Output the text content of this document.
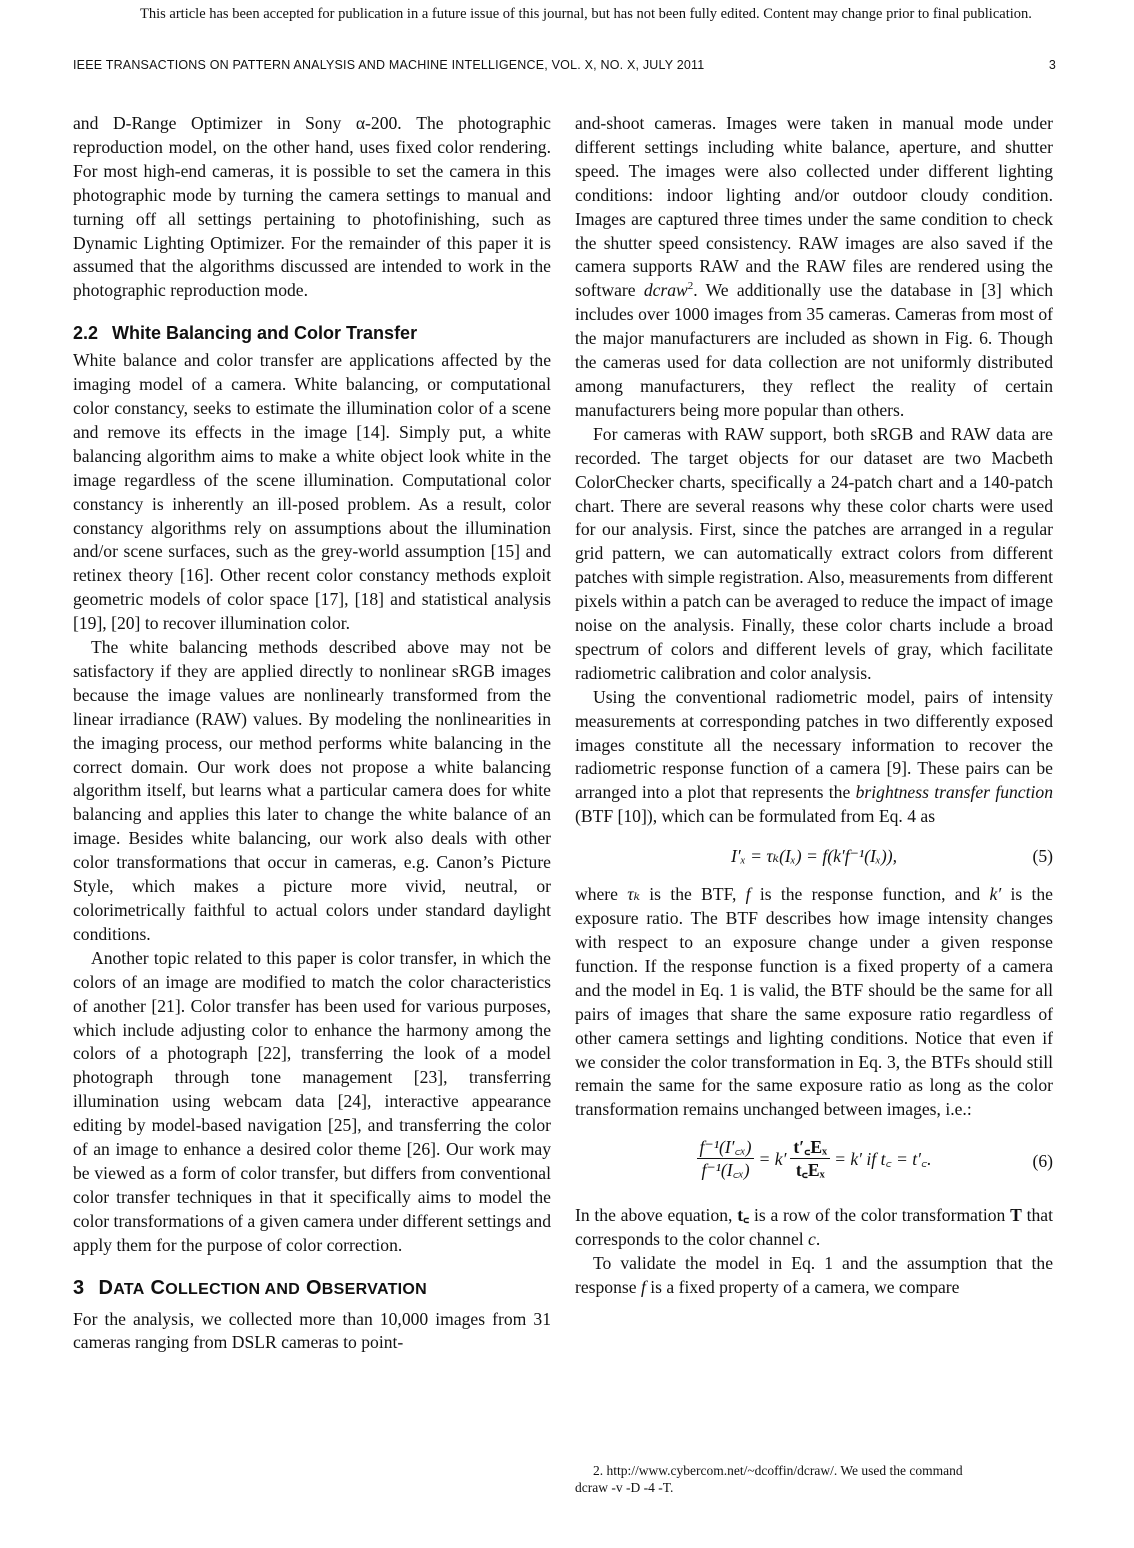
This article has been accepted for publication in a future issue of this journal, but has not been fully edited. Content may change prior to final publication.
IEEE TRANSACTIONS ON PATTERN ANALYSIS AND MACHINE INTELLIGENCE, VOL. X, NO. X, JULY 2011	3

and D-Range Optimizer in Sony α-200. The photographic reproduction model, on the other hand, uses fixed color rendering. For most high-end cameras, it is possible to set the camera in this photographic mode by turning the camera settings to manual and turning off all settings pertaining to photofinishing, such as Dynamic Lighting Optimizer. For the remainder of this paper it is assumed that the algorithms discussed are intended to work in the photographic reproduction mode.

2.2 White Balancing and Color Transfer

White balance and color transfer are applications affected by the imaging model of a camera. White balancing, or computational color constancy, seeks to estimate the illumination color of a scene and remove its effects in the image [14]. Simply put, a white balancing algorithm aims to make a white object look white in the image regardless of the scene illumination. Computational color constancy is inherently an ill-posed problem. As a result, color constancy algorithms rely on assumptions about the illumination and/or scene surfaces, such as the grey-world assumption [15] and retinex theory [16]. Other recent color constancy methods exploit geometric models of color space [17], [18] and statistical analysis [19], [20] to recover illumination color.

The white balancing methods described above may not be satisfactory if they are applied directly to nonlinear sRGB images because the image values are nonlinearly transformed from the linear irradiance (RAW) values. By modeling the nonlinearities in the imaging process, our method performs white balancing in the correct domain. Our work does not propose a white balancing algorithm itself, but learns what a particular camera does for white balancing and applies this later to change the white balance of an image. Besides white balancing, our work also deals with other color transformations that occur in cameras, e.g. Canon’s Picture Style, which makes a picture more vivid, neutral, or colorimetrically faithful to actual colors under standard daylight conditions.

Another topic related to this paper is color transfer, in which the colors of an image are modified to match the color characteristics of another [21]. Color transfer has been used for various purposes, which include adjusting color to enhance the harmony among the colors of a photograph [22], transferring the look of a model photograph through tone management [23], transferring illumination using webcam data [24], interactive appearance editing by model-based navigation [25], and transferring the color of an image to enhance a desired color theme [26]. Our work may be viewed as a form of color transfer, but differs from conventional color transfer techniques in that it specifically aims to model the color transformations of a given camera under different settings and apply them for the purpose of color correction.

3 DATA COLLECTION AND OBSERVATION

For the analysis, we collected more than 10,000 images from 31 cameras ranging from DSLR cameras to point-

and-shoot cameras. Images were taken in manual mode under different settings including white balance, aperture, and shutter speed. The images were also collected under different lighting conditions: indoor lighting and/or outdoor cloudy condition. Images are captured three times under the same condition to check the shutter speed consistency. RAW images are also saved if the camera supports RAW and the RAW files are rendered using the software dcraw$^2$. We additionally use the database in [3] which includes over 1000 images from 35 cameras. Cameras from most of the major manufacturers are included as shown in Fig. 6. Though the cameras used for data collection are not uniformly distributed among manufacturers, they reflect the reality of certain manufacturers being more popular than others.

For cameras with RAW support, both sRGB and RAW data are recorded. The target objects for our dataset are two Macbeth ColorChecker charts, specifically a 24-patch chart and a 140-patch chart. There are several reasons why these color charts were used for our analysis. First, since the patches are arranged in a regular grid pattern, we can automatically extract colors from different patches with simple registration. Also, measurements from different pixels within a patch can be averaged to reduce the impact of image noise on the analysis. Finally, these color charts include a broad spectrum of colors and different levels of gray, which facilitate radiometric calibration and color analysis.

Using the conventional radiometric model, pairs of intensity measurements at corresponding patches in two differently exposed images constitute all the necessary information to recover the radiometric response function of a camera [9]. These pairs can be arranged into a plot that represents the brightness transfer function (BTF [10]), which can be formulated from Eq. 4 as

I′ₓ = τₖ(Iₓ) = f(k′f⁻¹(Iₓ)),	(5)

where τₖ is the BTF, f is the response function, and k′ is the exposure ratio. The BTF describes how image intensity changes with respect to an exposure change under a given response function. If the response function is a fixed property of a camera and the model in Eq. 1 is valid, the BTF should be the same for all pairs of images that share the same exposure ratio regardless of other camera settings and lighting conditions. Notice that even if we consider the color transformation in Eq. 3, the BTFs should still remain the same for the same exposure ratio as long as the color transformation remains unchanged between images, i.e.:

$\frac{\text{f⁻¹(I′꜀ₓ)}}{\text{f⁻¹(I꜀ₓ)}} = k' \frac{\text{t′꜀Eₓ}}{\text{t꜀Eₓ}} = k'$ if t꜀ = t′꜀.	(6)

In the above equation, t꜀ is a row of the color transformation T that corresponds to the color channel c.

To validate the model in Eq. 1 and the assumption that the response f is a fixed property of a camera, we compare

2. http://www.cybercom.net/~dcoffin/dcraw/. We used the command
dcraw -v -D -4 -T.
